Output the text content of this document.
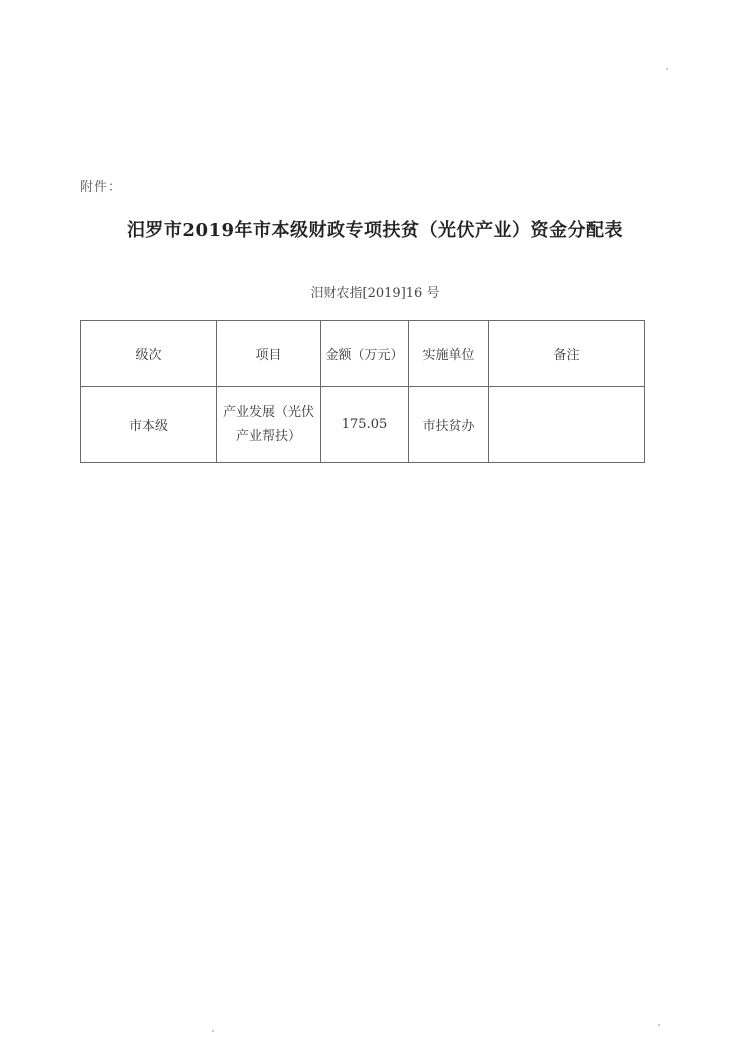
附件：
汨罗市2019年市本级财政专项扶贫（光伏产业）资金分配表
汨财农指[2019]16 号
级次	项目	金额（万元）	实施单位	备注
市本级	产业发展（光伏产业帮扶）	175.05	市扶贫办	
